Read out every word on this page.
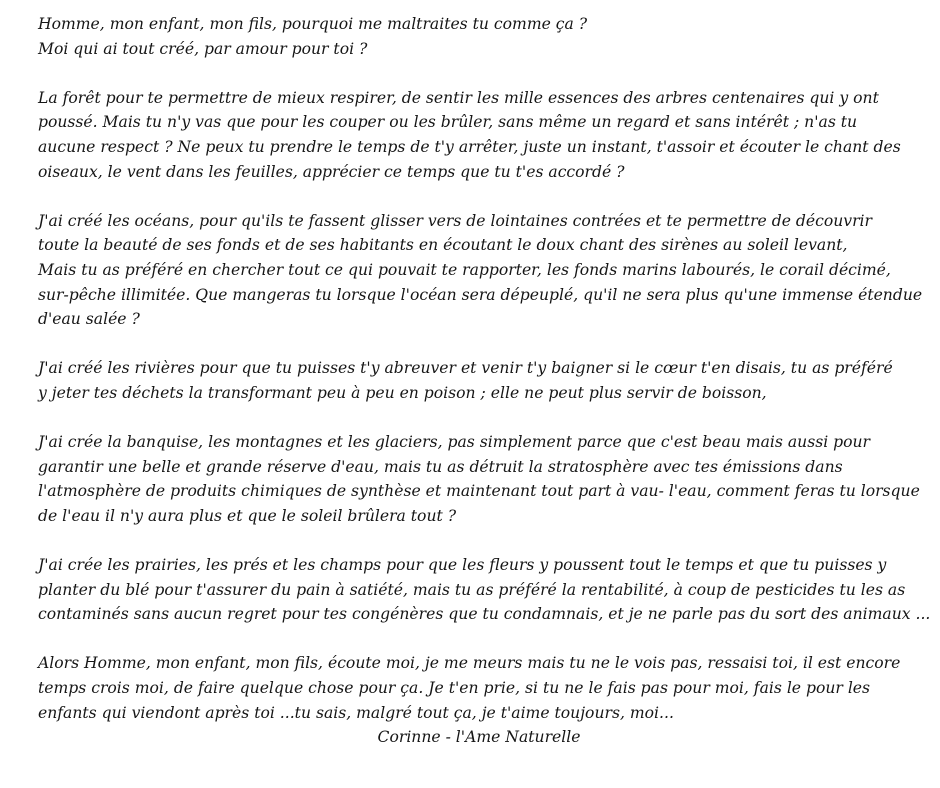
Homme, mon enfant, mon fils, pourquoi me maltraites tu comme ça ?
Moi qui ai tout créé, par amour pour toi ?
La forêt pour te permettre de mieux respirer, de sentir les mille essences des arbres centenaires qui y ont
poussé. Mais tu n'y vas que pour les couper ou les brûler, sans même un regard et sans intérêt ; n'as tu
aucune respect ? Ne peux tu prendre le temps de t'y arrêter, juste un instant, t'assoir et écouter le chant des
oiseaux, le vent dans les feuilles, apprécier ce temps que tu t'es accordé ?
J'ai créé les océans, pour qu'ils te fassent glisser vers de lointaines contrées et te permettre de découvrir
toute la beauté de ses fonds et de ses habitants en écoutant le doux chant des sirènes au soleil levant,
Mais tu as préféré en chercher tout ce qui pouvait te rapporter, les fonds marins labourés, le corail décimé,
sur-pêche illimitée. Que mangeras tu lorsque l'océan sera dépeuplé, qu'il ne sera plus qu'une immense étendue
d'eau salée ?
J'ai créé les rivières pour que tu puisses t'y abreuver et venir t'y baigner si le cœur t'en disais, tu as préféré
y jeter tes déchets la transformant peu à peu en poison ; elle ne peut plus servir de boisson,
J'ai crée la banquise, les montagnes et les glaciers, pas simplement parce que c'est beau mais aussi pour
garantir une belle et grande réserve d'eau, mais tu as détruit la stratosphère avec tes émissions dans
l'atmosphère de produits chimiques de synthèse et maintenant tout part à vau- l'eau, comment feras tu lorsque
de l'eau il n'y aura plus et que le soleil brûlera tout ?
J'ai crée les prairies, les prés et les champs pour que les fleurs y poussent tout le temps et que tu puisses y
planter du blé pour t'assurer du pain à satiété, mais tu as préféré la rentabilité, à coup de pesticides tu les as
contaminés sans aucun regret pour tes congénères que tu condamnais, et je ne parle pas du sort des animaux ...
Alors Homme, mon enfant, mon fils, écoute moi, je me meurs mais tu ne le vois pas, ressaisi toi, il est encore
temps crois moi, de faire quelque chose pour ça. Je t'en prie, si tu ne le fais pas pour moi, fais le pour les
enfants qui viendont après toi ...tu sais, malgré tout ça, je t'aime toujours, moi...
Corinne - l'Ame Naturelle
